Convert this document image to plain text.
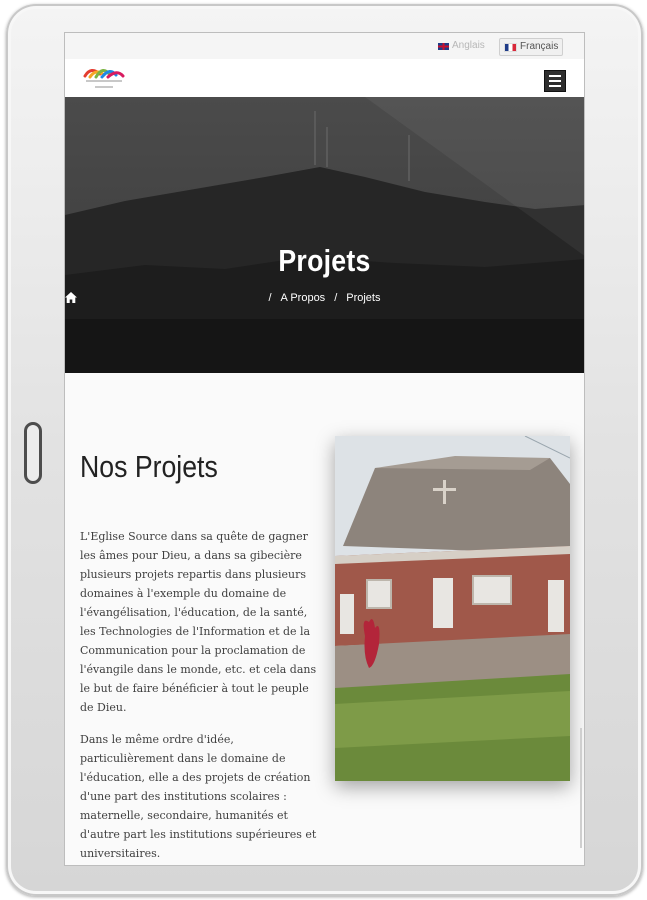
Anglais	Français
Projets
/ A Propos / Projets
Nos Projets

L'Eglise Source dans sa quête de gagner les âmes pour Dieu, a dans sa gibecière plusieurs projets repartis dans plusieurs domaines à l'exemple du domaine de l'évangélisation, l'éducation, de la santé, les Technologies de l'Information et de la Communication pour la proclamation de l'évangile dans le monde, etc. et cela dans le but de faire bénéficier à tout le peuple de Dieu.

Dans le même ordre d'idée, particulièrement dans le domaine de l'éducation, elle a des projets de création d'une part des institutions scolaires : maternelle, secondaire, humanités et d'autre part les institutions supérieures et universitaires.
